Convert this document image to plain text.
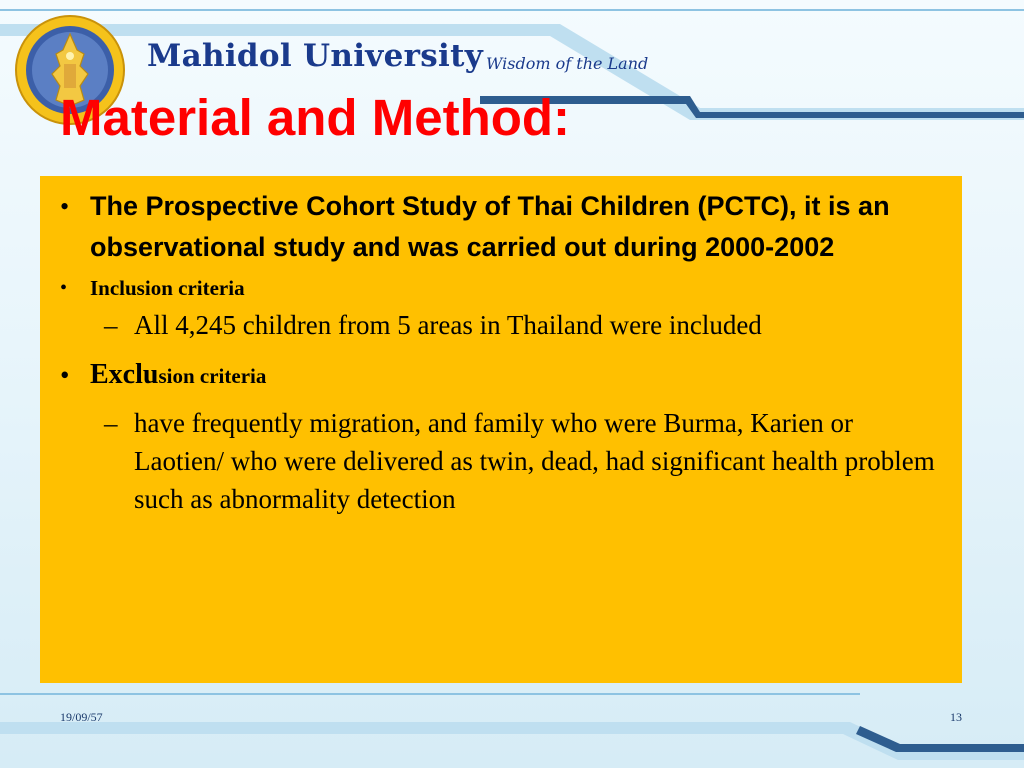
Mahidol University Wisdom of the Land
Material and Method:
• The Prospective Cohort Study of Thai Children (PCTC), it is an observational study and was carried out during 2000-2002
• Inclusion criteria
– All 4,245 children from 5 areas in Thailand were included
• Exclusion criteria
– have frequently migration, and family who were Burma, Karien or Laotien/ who were delivered as twin, dead, had significant health problem such as abnormality detection
19/09/57	13
